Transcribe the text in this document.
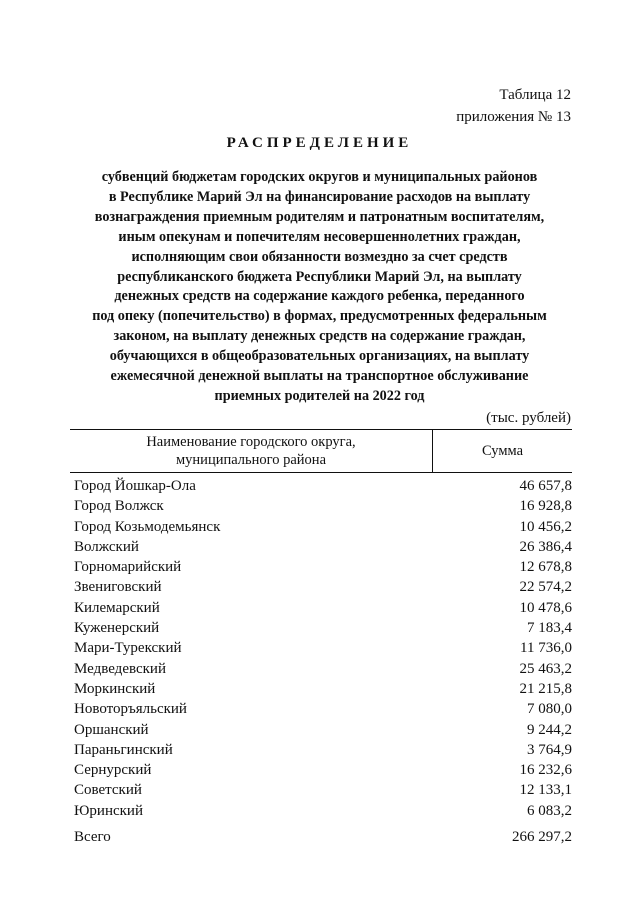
Таблица 12
приложения № 13
РАСПРЕДЕЛЕНИЕ
субвенций бюджетам городских округов и муниципальных районов
в Республике Марий Эл на финансирование расходов на выплату
вознаграждения приемным родителям и патронатным воспитателям,
иным опекунам и попечителям несовершеннолетних граждан,
исполняющим свои обязанности возмездно за счет средств
республиканского бюджета Республики Марий Эл, на выплату
денежных средств на содержание каждого ребенка, переданного
под опеку (попечительство) в формах, предусмотренных федеральным
законом, на выплату денежных средств на содержание граждан,
обучающихся в общеобразовательных организациях, на выплату
ежемесячной денежной выплаты на транспортное обслуживание
приемных родителей на 2022 год
(тыс. рублей)
Наименование городского округа,
муниципального района
Сумма
Город Йошкар-Ола	46 657,8
Город Волжск	16 928,8
Город Козьмодемьянск	10 456,2
Волжский	26 386,4
Горномарийский	12 678,8
Звениговский	22 574,2
Килемарский	10 478,6
Куженерский	7 183,4
Мари-Турекский	11 736,0
Медведевский	25 463,2
Моркинский	21 215,8
Новоторъяльский	7 080,0
Оршанский	9 244,2
Параньгинский	3 764,9
Сернурский	16 232,6
Советский	12 133,1
Юринский	6 083,2
Всего	266 297,2
